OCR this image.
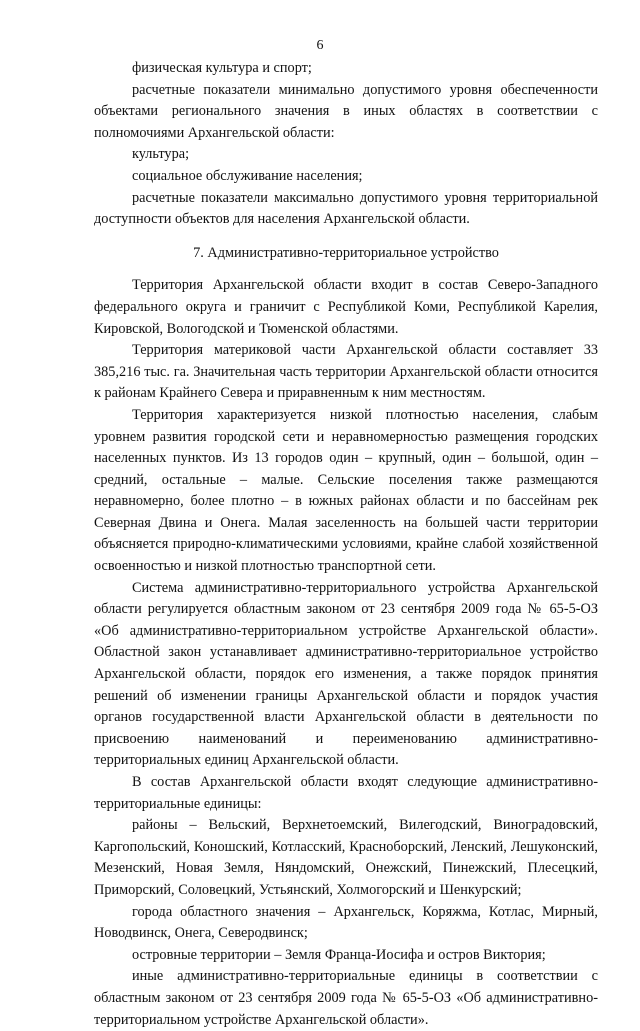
6

физическая культура и спорт;

расчетные показатели минимально допустимого уровня обеспеченности объектами регионального значения в иных областях в соответствии с полномочиями Архангельской области:

культура;

социальное обслуживание населения;

расчетные показатели максимально допустимого уровня территориальной доступности объектов для населения Архангельской области.

7. Административно-территориальное устройство

Территория Архангельской области входит в состав Северо-Западного федерального округа и граничит с Республикой Коми, Республикой Карелия, Кировской, Вологодской и Тюменской областями.

Территория материковой части Архангельской области составляет 33 385,216 тыс. га. Значительная часть территории Архангельской области относится к районам Крайнего Севера и приравненным к ним местностям.

Территория характеризуется низкой плотностью населения, слабым уровнем развития городской сети и неравномерностью размещения городских населенных пунктов. Из 13 городов один – крупный, один – большой, один – средний, остальные – малые. Сельские поселения также размещаются неравномерно, более плотно – в южных районах области и по бассейнам рек Северная Двина и Онега. Малая заселенность на большей части территории объясняется природно-климатическими условиями, крайне слабой хозяйственной освоенностью и низкой плотностью транспортной сети.

Система административно-территориального устройства Архангельской области регулируется областным законом от 23 сентября 2009 года № 65-5-ОЗ «Об административно-территориальном устройстве Архангельской области». Областной закон устанавливает административно-территориальное устройство Архангельской области, порядок его изменения, а также порядок принятия решений об изменении границы Архангельской области и порядок участия органов государственной власти Архангельской области в деятельности по присвоению наименований и переименованию административно-территориальных единиц Архангельской области.

В состав Архангельской области входят следующие административно-территориальные единицы:

районы – Вельский, Верхнетоемский, Вилегодский, Виноградовский, Каргопольский, Коношский, Котласский, Красноборский, Ленский, Лешуконский, Мезенский, Новая Земля, Няндомский, Онежский, Пинежский, Плесецкий, Приморский, Соловецкий, Устьянский, Холмогорский и Шенкурский;

города областного значения – Архангельск, Коряжма, Котлас, Мирный, Новодвинск, Онега, Северодвинск;

островные территории – Земля Франца-Иосифа и остров Виктория;

иные административно-территориальные единицы в соответствии с областным законом от 23 сентября 2009 года № 65-5-ОЗ «Об административно-территориальном устройстве Архангельской области».
